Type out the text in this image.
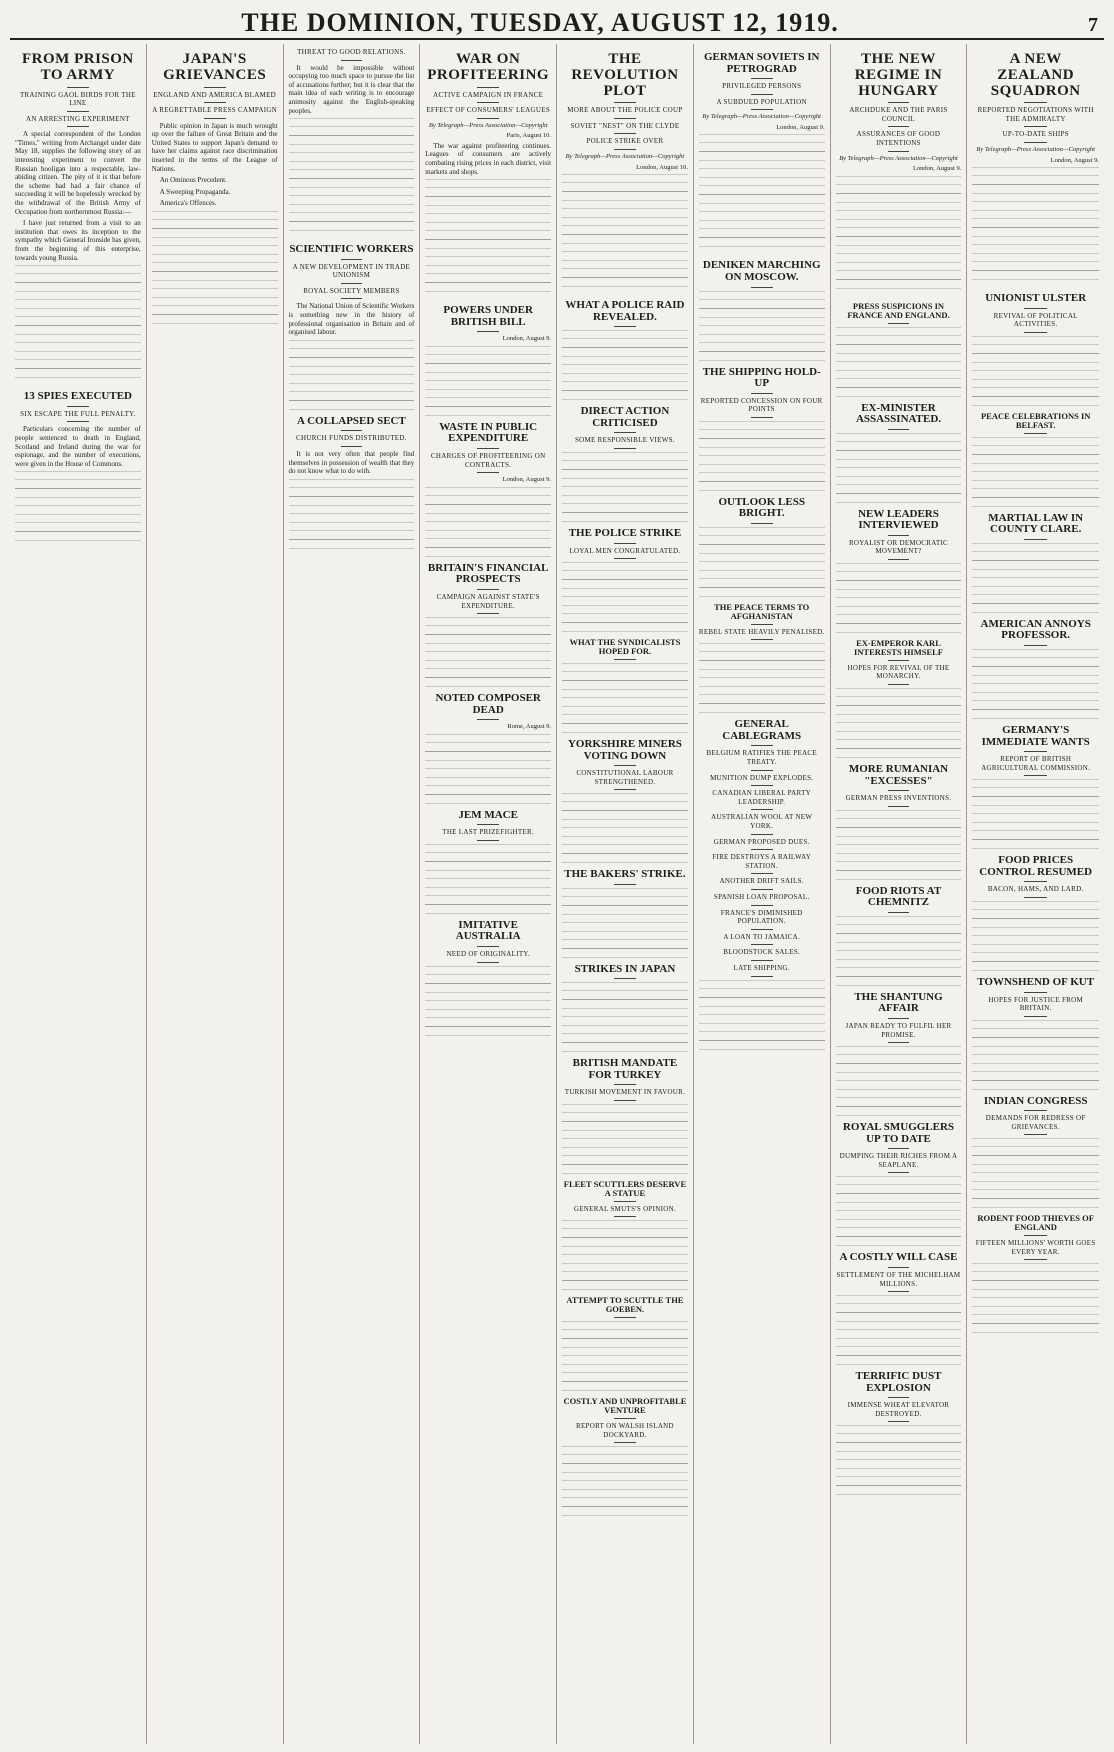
THE DOMINION, TUESDAY, AUGUST 12, 1919.	7
FROM PRISON TO ARMY
TRAINING GAOL BIRDS FOR THE LINE
AN ARRESTING EXPERIMENT

A special correspondent of the London "Times," writing from Archangel under date May 18, supplies the following story of an interesting experiment to convert the Russian hooligan into a respectable, law-abiding citizen. The pity of it is that before the scheme had had a fair chance of succeeding it will be hopelessly wrecked by the withdrawal of the British Army of Occupation from northernmost Russia:—

I have just returned from a visit to an institution that owes its inception to the sympathy which General Ironside has given, from the beginning of this enterprise, towards young Russia.

13 SPIES EXECUTED
SIX ESCAPE THE FULL PENALTY.

Particulars concerning the number of people sentenced to death in England, Scotland and Ireland during the war for espionage, and the number of executions, were given in the House of Commons.

JAPAN'S GRIEVANCES
ENGLAND AND AMERICA BLAMED
A REGRETTABLE PRESS CAMPAIGN

Public opinion in Japan is much wrought up over the failure of Great Britain and the United States to support Japan's demand to have her claims against race discrimination inserted in the terms of the League of Nations.

An Ominous Precedent.

A Sweeping Propaganda.

America's Offences.

THREAT TO GOOD RELATIONS.

It would be impossible without occupying too much space to pursue the list of accusations further; but it is clear that the main idea of each writing is to encourage animosity against the English-speaking peoples.

SCIENTIFIC WORKERS
A NEW DEVELOPMENT IN TRADE UNIONISM
ROYAL SOCIETY MEMBERS

The National Union of Scientific Workers is something new in the history of professional organisation in Britain and of organised labour.

A COLLAPSED SECT
CHURCH FUNDS DISTRIBUTED.

It is not very often that people find themselves in possession of wealth that they do not know what to do with.

WAR ON PROFITEERING
ACTIVE CAMPAIGN IN FRANCE
EFFECT OF CONSUMERS' LEAGUES
By Telegraph—Press Association—Copyright
Paris, August 10.

The war against profiteering continues. Leagues of consumers are actively combating rising prices in each district, visit markets and shops.

POWERS UNDER BRITISH BILL
London, August 9.
WASTE IN PUBLIC EXPENDITURE
CHARGES OF PROFITEERING ON CONTRACTS.
London, August 9.
BRITAIN'S FINANCIAL PROSPECTS
CAMPAIGN AGAINST STATE'S EXPENDITURE.
NOTED COMPOSER DEAD
Rome, August 9.
JEM MACE
THE LAST PRIZEFIGHTER.
IMITATIVE AUSTRALIA
NEED OF ORIGINALITY.
THE REVOLUTION PLOT
MORE ABOUT THE POLICE COUP
SOVIET "NEST" ON THE CLYDE
POLICE STRIKE OVER
By Telegraph—Press Association—Copyright
London, August 10.
WHAT A POLICE RAID REVEALED.
DIRECT ACTION CRITICISED
SOME RESPONSIBLE VIEWS.
THE POLICE STRIKE
LOYAL MEN CONGRATULATED.
WHAT THE SYNDICALISTS HOPED FOR.
YORKSHIRE MINERS VOTING DOWN
CONSTITUTIONAL LABOUR STRENGTHENED.
THE BAKERS' STRIKE.
STRIKES IN JAPAN
BRITISH MANDATE FOR TURKEY
TURKISH MOVEMENT IN FAVOUR.
FLEET SCUTTLERS DESERVE A STATUE
GENERAL SMUTS'S OPINION.
ATTEMPT TO SCUTTLE THE GOEBEN.
COSTLY AND UNPROFITABLE VENTURE
REPORT ON WALSH ISLAND DOCKYARD.
GERMAN SOVIETS IN PETROGRAD
PRIVILEGED PERSONS
A SUBDUED POPULATION
By Telegraph—Press Association—Copyright
London, August 9.
DENIKEN MARCHING ON MOSCOW.
THE SHIPPING HOLD-UP
REPORTED CONCESSION ON FOUR POINTS
OUTLOOK LESS BRIGHT.
THE PEACE TERMS TO AFGHANISTAN
REBEL STATE HEAVILY PENALISED.
GENERAL CABLEGRAMS
BELGIUM RATIFIES THE PEACE TREATY.
MUNITION DUMP EXPLODES.
CANADIAN LIBERAL PARTY LEADERSHIP.
AUSTRALIAN WOOL AT NEW YORK.
GERMAN PROPOSED DUES.
FIRE DESTROYS A RAILWAY STATION.
ANOTHER DRIFT SAILS.
SPANISH LOAN PROPOSAL.
FRANCE'S DIMINISHED POPULATION.
A LOAN TO JAMAICA.
BLOODSTOCK SALES.
LATE SHIPPING.
THE NEW REGIME IN HUNGARY
ARCHDUKE AND THE PARIS COUNCIL
ASSURANCES OF GOOD INTENTIONS
By Telegraph—Press Association—Copyright
London, August 9.
PRESS SUSPICIONS IN FRANCE AND ENGLAND.
EX-MINISTER ASSASSINATED.
NEW LEADERS INTERVIEWED
ROYALIST OR DEMOCRATIC MOVEMENT?
EX-EMPEROR KARL INTERESTS HIMSELF
HOPES FOR REVIVAL OF THE MONARCHY.
MORE RUMANIAN "EXCESSES"
GERMAN PRESS INVENTIONS.
FOOD RIOTS AT CHEMNITZ
THE SHANTUNG AFFAIR
JAPAN READY TO FULFIL HER PROMISE.
ROYAL SMUGGLERS UP TO DATE
DUMPING THEIR RICHES FROM A SEAPLANE.
A COSTLY WILL CASE
SETTLEMENT OF THE MICHELHAM MILLIONS.
TERRIFIC DUST EXPLOSION
IMMENSE WHEAT ELEVATOR DESTROYED.
A NEW ZEALAND SQUADRON
REPORTED NEGOTIATIONS WITH THE ADMIRALTY
UP-TO-DATE SHIPS
By Telegraph—Press Association—Copyright
London, August 9.
UNIONIST ULSTER
REVIVAL OF POLITICAL ACTIVITIES.
PEACE CELEBRATIONS IN BELFAST.
MARTIAL LAW IN COUNTY CLARE.
AMERICAN ANNOYS PROFESSOR.
GERMANY'S IMMEDIATE WANTS
REPORT OF BRITISH AGRICULTURAL COMMISSION.
FOOD PRICES CONTROL RESUMED
BACON, HAMS, AND LARD.
TOWNSHEND OF KUT
HOPES FOR JUSTICE FROM BRITAIN.
INDIAN CONGRESS
DEMANDS FOR REDRESS OF GRIEVANCES.
RODENT FOOD THIEVES OF ENGLAND
FIFTEEN MILLIONS' WORTH GOES EVERY YEAR.
